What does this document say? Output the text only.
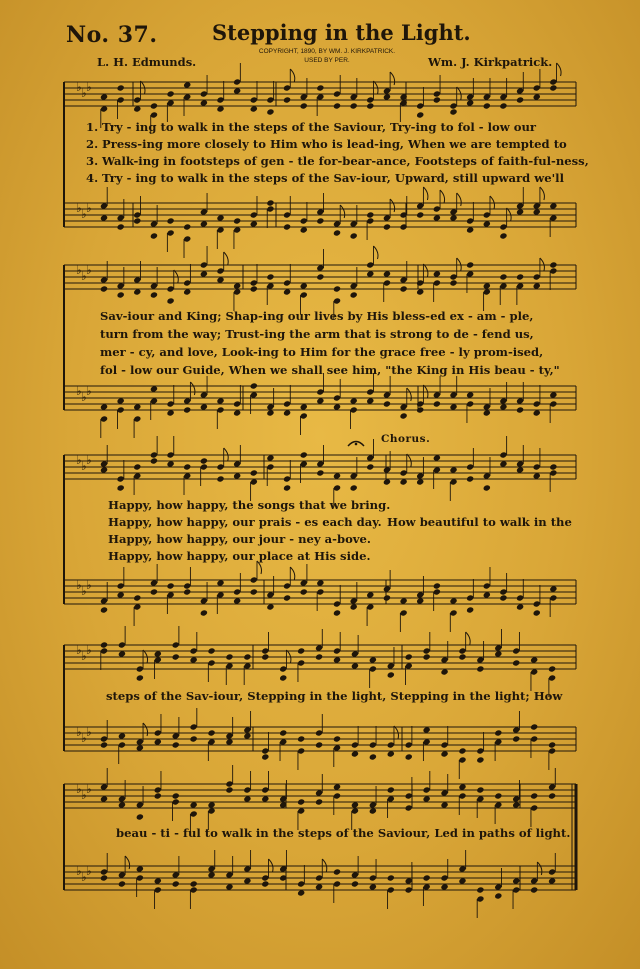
No. 37.	Stepping in the Light.
COPYRIGHT, 1890, BY WM. J. KIRKPATRICK.
USED BY PER.
L. H. Edmunds.	Wm. J. Kirkpatrick.
♭ ♭ ♭
♭ ♭ ♭
♭ ♭ ♭
♭ ♭ ♭
♭ ♭ ♭
♭ ♭ ♭
♭ ♭ ♭
♭ ♭ ♭
♭ ♭ ♭
♭ ♭ ♭
1. Try - ing to walk in the steps of the Saviour, Try-ing to fol - low our
2. Press-ing more closely to Him who is lead-ing, When we are tempted to
3. Walk-ing in footsteps of gen - tle for-bear-ance, Footsteps of faith-ful-ness,
4. Try - ing to walk in the steps of the Sav-iour, Upward, still upward we'll
Sav-iour and King; Shap-ing our lives by His bless-ed ex - am - ple,
turn from the way; Trust-ing the arm that is strong to de - fend us,
mer - cy, and love, Look-ing to Him for the grace free - ly prom-ised,
fol - low our Guide, When we shall see him, "the King in His beau - ty,"
Chorus.
Happy, how happy, the songs that we bring.
Happy, how happy, our prais - es each day.
Happy, how happy, our jour - ney a-bove.
Happy, how happy, our place at His side.
How beautiful to walk in the
steps of the Sav-iour, Stepping in the light, Stepping in the light; How
beau - ti - ful to walk in the steps of the Saviour, Led in paths of light.
